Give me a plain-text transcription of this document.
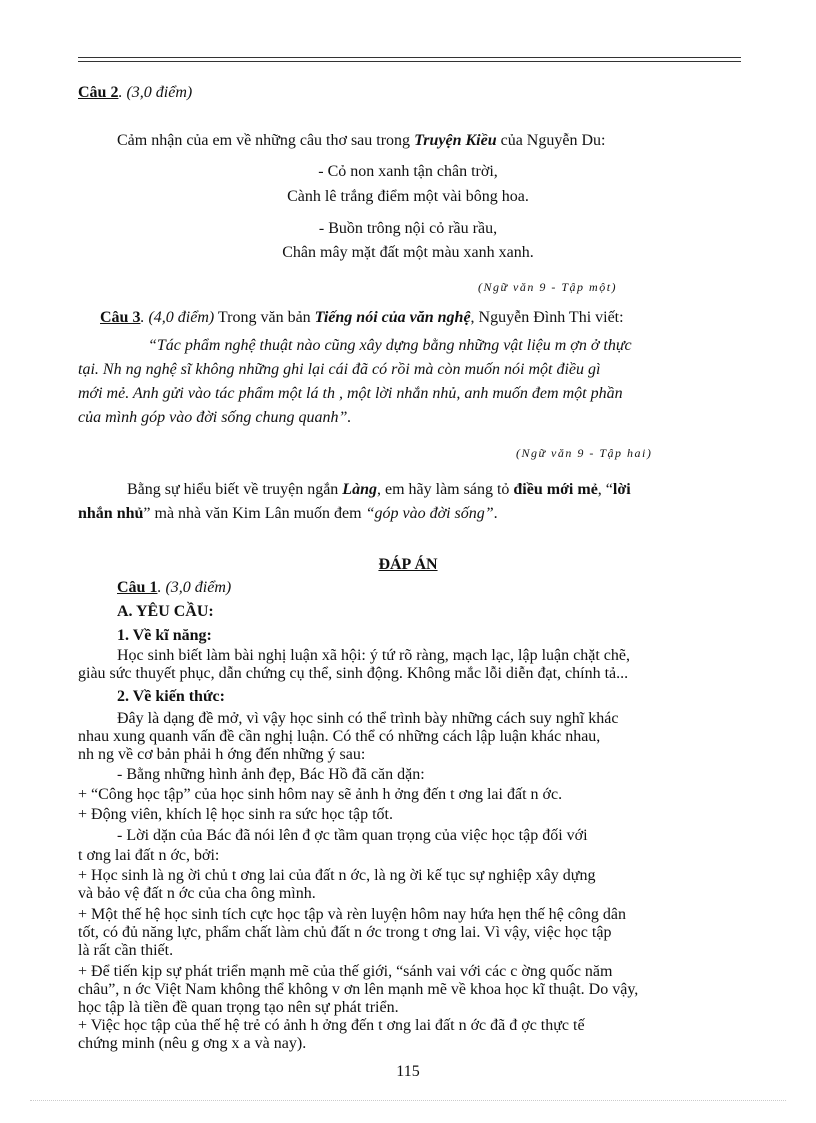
Câu 2. (3,0 điểm)
Cảm nhận của em về những câu thơ sau trong Truyện Kiều của Nguyễn Du:
- Cỏ non xanh tận chân trời,
Cành lê trắng điểm một vài bông hoa.
- Buồn trông nội cỏ rầu rầu,
Chân mây mặt đất một màu xanh xanh.
(Ngữ văn 9 - Tập một)
Câu 3. (4,0 điểm) Trong văn bản Tiếng nói của văn nghệ, Nguyễn Đình Thi viết:
“Tác phẩm nghệ thuật nào cũng xây dựng bằng những vật liệu m ợn ở thực
tại. Nh ng nghệ sĩ không những ghi lại cái đã có rồi mà còn muốn nói một điều gì
mới mẻ. Anh gửi vào tác phẩm một lá th , một lời nhắn nhủ, anh muốn đem một phần
của mình góp vào đời sống chung quanh”.
(Ngữ văn 9 - Tập hai)
Bằng sự hiểu biết về truyện ngắn Làng, em hãy làm sáng tỏ điều mới mẻ, “lời
nhắn nhủ” mà nhà văn Kim Lân muốn đem “góp vào đời sống”.
ĐÁP ÁN
Câu 1. (3,0 điểm)
A. YÊU CẦU:
1. Về kĩ năng:
Học sinh biết làm bài nghị luận xã hội: ý tứ rõ ràng, mạch lạc, lập luận chặt chẽ,
giàu sức thuyết phục, dẫn chứng cụ thể, sinh động. Không mắc lỗi diễn đạt, chính tả...
2. Về kiến thức:
Đây là dạng đề mở, vì vậy học sinh có thể trình bày những cách suy nghĩ khác
nhau xung quanh vấn đề cần nghị luận. Có thể có những cách lập luận khác nhau,
nh ng về cơ bản phải h ớng đến những ý sau:
- Bằng những hình ảnh đẹp, Bác Hồ đã căn dặn:
+ “Công học tập” của học sinh hôm nay sẽ ảnh h ởng đến t ơng lai đất n ớc.
+ Động viên, khích lệ học sinh ra sức học tập tốt.
- Lời dặn của Bác đã nói lên đ ợc tầm quan trọng của việc học tập đối với
t ơng lai đất n ớc, bởi:
+ Học sinh là ng ời chủ t ơng lai của đất n ớc, là ng ời kế tục sự nghiệp xây dựng
và bảo vệ đất n ớc của cha ông mình.
+ Một thế hệ học sinh tích cực học tập và rèn luyện hôm nay hứa hẹn thế hệ công dân
tốt, có đủ năng lực, phẩm chất làm chủ đất n ớc trong t ơng lai. Vì vậy, việc học tập
là rất cần thiết.
+ Để tiến kịp sự phát triển mạnh mẽ của thế giới, “sánh vai với các c ờng quốc năm
châu”, n ớc Việt Nam không thể không v ơn lên mạnh mẽ về khoa học kĩ thuật. Do vậy,
học tập là tiền đề quan trọng tạo nên sự phát triển.
+ Việc học tập của thế hệ trẻ có ảnh h ởng đến t ơng lai đất n ớc đã đ ợc thực tế
chứng minh (nêu g ơng x a và nay).
115
